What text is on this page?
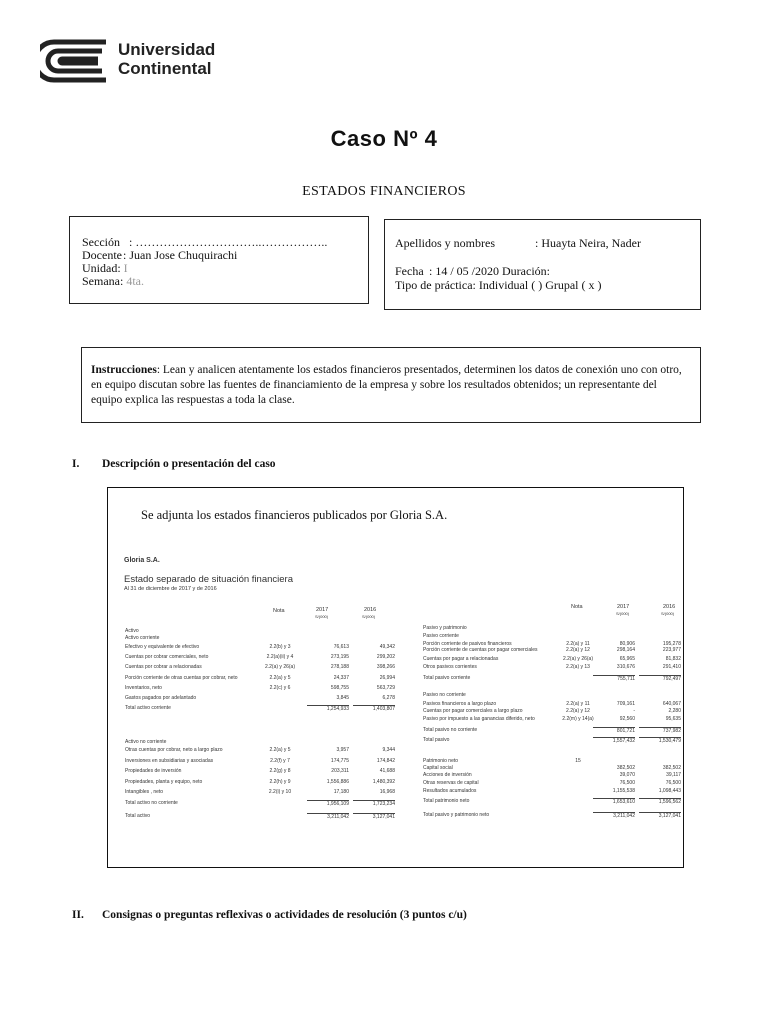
Universidad
Continental
Caso Nº 4
ESTADOS FINANCIEROS
Sección : …………………………..……………..
Docente: Juan Jose Chuquirachi
Unidad: I
Semana: 4ta.
Apellidos y nombres	: Huayta Neira, Nader
Fecha : 14 / 05 /2020 Duración:
Tipo de práctica: Individual ( ) Grupal ( x )
Instrucciones: Lean y analicen atentamente los estados financieros presentados, determinen los datos de conexión uno con otro, en equipo discutan sobre las fuentes de financiamiento de la empresa y sobre los resultados obtenidos; un representante del equipo explica las respuestas a toda la clase.
I. Descripción o presentación del caso
Se adjunta los estados financieros publicados por Gloria S.A.
Gloria S.A.
Estado separado de situación financiera
Al 31 de diciembre de 2017 y de 2016
Nota	2017
S/(000)
2016
S/(000)
Nota	2017
S/(000)
2016
S/(000)
Activo
Activo corriente
Efectivo y equivalente de efectivo	2.2(b) y 3	76,613	49,342
Cuentas por cobrar comerciales, neto	2.2(a)(ii) y 4	273,195	299,202
Cuentas por cobrar a relacionadas	2.2(a) y 26(a)	278,188	398,266
Porción corriente de otras cuentas por cobrar, neto	2.2(a) y 5	24,337	26,994
Inventarios, neto	2.2(c) y 6	598,755	563,729
Gastos pagados por adelantado	3,845	6,278
Total activo corriente	1,254,933	1,403,807
Activo no corriente
Otras cuentas por cobrar, neto a largo plazo	2.2(a) y 5	3,957	9,344
Inversiones en subsidiarias y asociadas	2.2(f) y 7	174,775	174,842
Propiedades de inversión	2.2(g) y 8	203,311	41,688
Propiedades, planta y equipo, neto	2.2(h) y 9	1,556,886	1,480,392
Intangibles , neto	2.2(i) y 10	17,180	16,968
Total activo no corriente	1,956,109	1,723,234
Total activo	3,211,042	3,127,041
Pasivo y patrimonio
Pasivo corriente
Porción corriente de pasivos financieros	2.2(a) y 11	80,906	195,278
Porción corriente de cuentas por pagar comerciales	2.2(a) y 12	298,164	223,977
Cuentas por pagar a relacionadas	2.2(a) y 26(a)	65,965	81,832
Otros pasivos corrientes	2.2(a) y 13	310,676	291,410
Total pasivo corriente	755,711	792,497
Pasivo no corriente
Pasivos financieros a largo plazo	2.2(a) y 11	709,161	640,067
Cuentas por pagar comerciales a largo plazo	2.2(a) y 12	-	2,280
Pasivo por impuesto a las ganancias diferido, neto	2.2(m) y 14(a)	92,560	95,635
Total pasivo no corriente	801,721	737,982
Total pasivo	1,557,432	1,530,479
Patrimonio neto	15
Capital social	382,502	382,502
Acciones de inversión	39,070	39,117
Otras reservas de capital	76,500	76,500
Resultados acumulados	1,155,538	1,098,443
Total patrimonio neto	1,653,610	1,596,562
Total pasivo y patrimonio neto	3,211,042	3,127,041
II. Consignas o preguntas reflexivas o actividades de resolución (3 puntos c/u)
